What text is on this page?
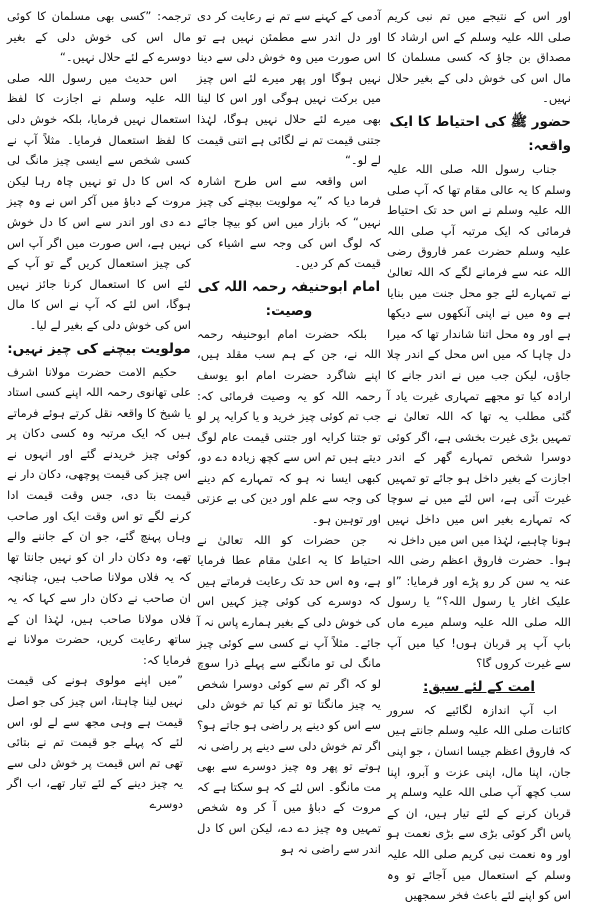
ترجمہ: ”کسی بھی مسلمان کا کوئی مال اس کی خوش دلی کے بغیر دوسرے کے لئے حلال نہیں۔“

اس حدیث میں رسول اللہ صلی اللہ علیہ وسلم نے اجازت کا لفظ استعمال نہیں فرمایا، بلکہ خوش دلی کا لفظ استعمال فرمایا۔ مثلاً آپ نے کسی شخص سے ایسی چیز مانگ لی کہ اس کا دل تو نہیں چاہ رہا لیکن مروت کے دباؤ میں آکر اس نے وہ چیز دے دی اور اندر سے اس کا دل خوش نہیں ہے، اس صورت میں اگر آپ اس کی چیز استعمال کریں گے تو آپ کے لئے اس کا استعمال کرنا جائز نہیں ہوگا، اس لئے کہ آپ نے اس کا مال اس کی خوش دلی کے بغیر لے لیا۔

مولویت بیچنے کی چیز نہیں:

حکیم الامت حضرت مولانا اشرف علی تھانوی رحمہ اللہ اپنے کسی استاد یا شیخ کا واقعہ نقل کرتے ہوئے فرماتے ہیں کہ ایک مرتبہ وہ کسی دکان پر کوئی چیز خریدنے گئے اور انہوں نے اس چیز کی قیمت پوچھی، دکان دار نے قیمت بتا دی، جس وقت قیمت ادا کرنے لگے تو اس وقت ایک اور صاحب وہاں پہنچ گئے، جو ان کے جاننے والے تھے، وہ دکان دار ان کو نہیں جانتا تھا کہ یہ فلاں مولانا صاحب ہیں، چنانچہ ان صاحب نے دکان دار سے کہا کہ یہ فلاں مولانا صاحب ہیں، لہٰذا ان کے ساتھ رعایت کریں، حضرت مولانا نے فرمایا کہ:

”میں اپنے مولوی ہونے کی قیمت نہیں لینا چاہتا، اس چیز کی جو اصل قیمت ہے وہی مجھ سے لے لو، اس لئے کہ پہلے جو قیمت تم نے بتائی تھی تم اس قیمت پر خوش دلی سے یہ چیز دینے کے لئے تیار تھے، اب اگر دوسرے

آدمی کے کہنے سے تم نے رعایت کر دی اور دل اندر سے مطمئن نہیں ہے تو اس صورت میں وہ خوش دلی سے دینا نہیں ہوگا اور پھر میرے لئے اس چیز میں برکت نہیں ہوگی اور اس کا لینا بھی میرے لئے حلال نہیں ہوگا، لہٰذا جتنی قیمت تم نے لگائی ہے اتنی قیمت لے لو۔“

اس واقعہ سے اس طرح اشارہ فرما دیا کہ ”یہ مولویت بیچنے کی چیز نہیں“ کہ بازار میں اس کو بیچا جائے کہ لوگ اس کی وجہ سے اشیاء کی قیمت کم کر دیں۔

امام ابوحنیفہ رحمہ اللہ کی وصیت:

بلکہ حضرت امام ابوحنیفہ رحمہ اللہ نے، جن کے ہم سب مقلد ہیں، اپنے شاگرد حضرت امام ابو یوسف رحمہ اللہ کو یہ وصیت فرمائی کہ: جب تم کوئی چیز خرید و یا کرایہ پر لو تو جتنا کرایہ اور جتنی قیمت عام لوگ دیتے ہیں تم اس سے کچھ زیادہ دے دو، کبھی ایسا نہ ہو کہ تمہارے کم دینے کی وجہ سے علم اور دین کی بے عزتی اور توہین ہو۔

جن حضرات کو اللہ تعالیٰ نے احتیاط کا یہ اعلیٰ مقام عطا فرمایا ہے، وہ اس حد تک رعایت فرماتے ہیں کہ دوسرے کی کوئی چیز کہیں اس کی خوش دلی کے بغیر ہمارے پاس نہ آ جائے۔ مثلاً آپ نے کسی سے کوئی چیز مانگ لی تو مانگنے سے پہلے ذرا سوچ لو کہ اگر تم سے کوئی دوسرا شخص یہ چیز مانگتا تو تم کیا تم خوش دلی سے اس کو دینے پر راضی ہو جاتے ہو؟ اگر تم خوش دلی سے دینے پر راضی نہ ہوتے تو پھر وہ چیز دوسرے سے بھی مت مانگو۔ اس لئے کہ ہو سکتا ہے کہ مروت کے دباؤ میں آ کر وہ شخص تمہیں وہ چیز دے دے، لیکن اس کا دل اندر سے راضی نہ ہو

اور اس کے نتیجے میں تم نبی کریم صلی اللہ علیہ وسلم کے اس ارشاد کا مصداق بن جاؤ کہ کسی مسلمان کا مال اس کی خوش دلی کے بغیر حلال نہیں۔

حضور ﷺ کی احتیاط کا ایک واقعہ:

جناب رسول اللہ صلی اللہ علیہ وسلم کا یہ عالی مقام تھا کہ آپ صلی اللہ علیہ وسلم نے اس حد تک احتیاط فرمائی کہ ایک مرتبہ آپ صلی اللہ علیہ وسلم حضرت عمر فاروق رضی اللہ عنہ سے فرمانے لگے کہ اللہ تعالیٰ نے تمہارے لئے جو محل جنت میں بنایا ہے وہ میں نے اپنی آنکھوں سے دیکھا ہے اور وہ محل اتنا شاندار تھا کہ میرا دل چاہا کہ میں اس محل کے اندر چلا جاؤں، لیکن جب میں نے اندر جانے کا ارادہ کیا تو مجھے تمہاری غیرت یاد آ گئی مطلب یہ تھا کہ اللہ تعالیٰ نے تمہیں بڑی غیرت بخشی ہے، اگر کوئی دوسرا شخص تمہارے گھر کے اندر اجازت کے بغیر داخل ہو جائے تو تمہیں غیرت آتی ہے، اس لئے میں نے سوچا کہ تمہارے بغیر اس میں داخل نہیں ہونا چاہیے، لہٰذا میں اس میں داخل نہ ہوا۔ حضرت فاروق اعظم رضی اللہ عنہ یہ سن کر رو پڑے اور فرمایا: ”او علیک اغار یا رسول اللہ؟“ یا رسول اللہ صلی اللہ علیہ وسلم میرے ماں باپ آپ پر قربان ہوں! کیا میں آپ سے غیرت کروں گا؟

امت کے لئے سبق:

اب آپ اندازہ لگائیے کہ سرور کائنات صلی اللہ علیہ وسلم جانتے ہیں کہ فاروق اعظم جیسا انسان ، جو اپنی جان، اپنا مال، اپنی عزت و آبرو، اپنا سب کچھ آپ صلی اللہ علیہ وسلم پر قربان کرنے کے لئے تیار ہیں، ان کے پاس اگر کوئی بڑی سے بڑی نعمت ہو اور وہ نعمت نبی کریم صلی اللہ علیہ وسلم کے استعمال میں آجائے تو وہ اس کو اپنے لئے باعث فخر سمجھیں
